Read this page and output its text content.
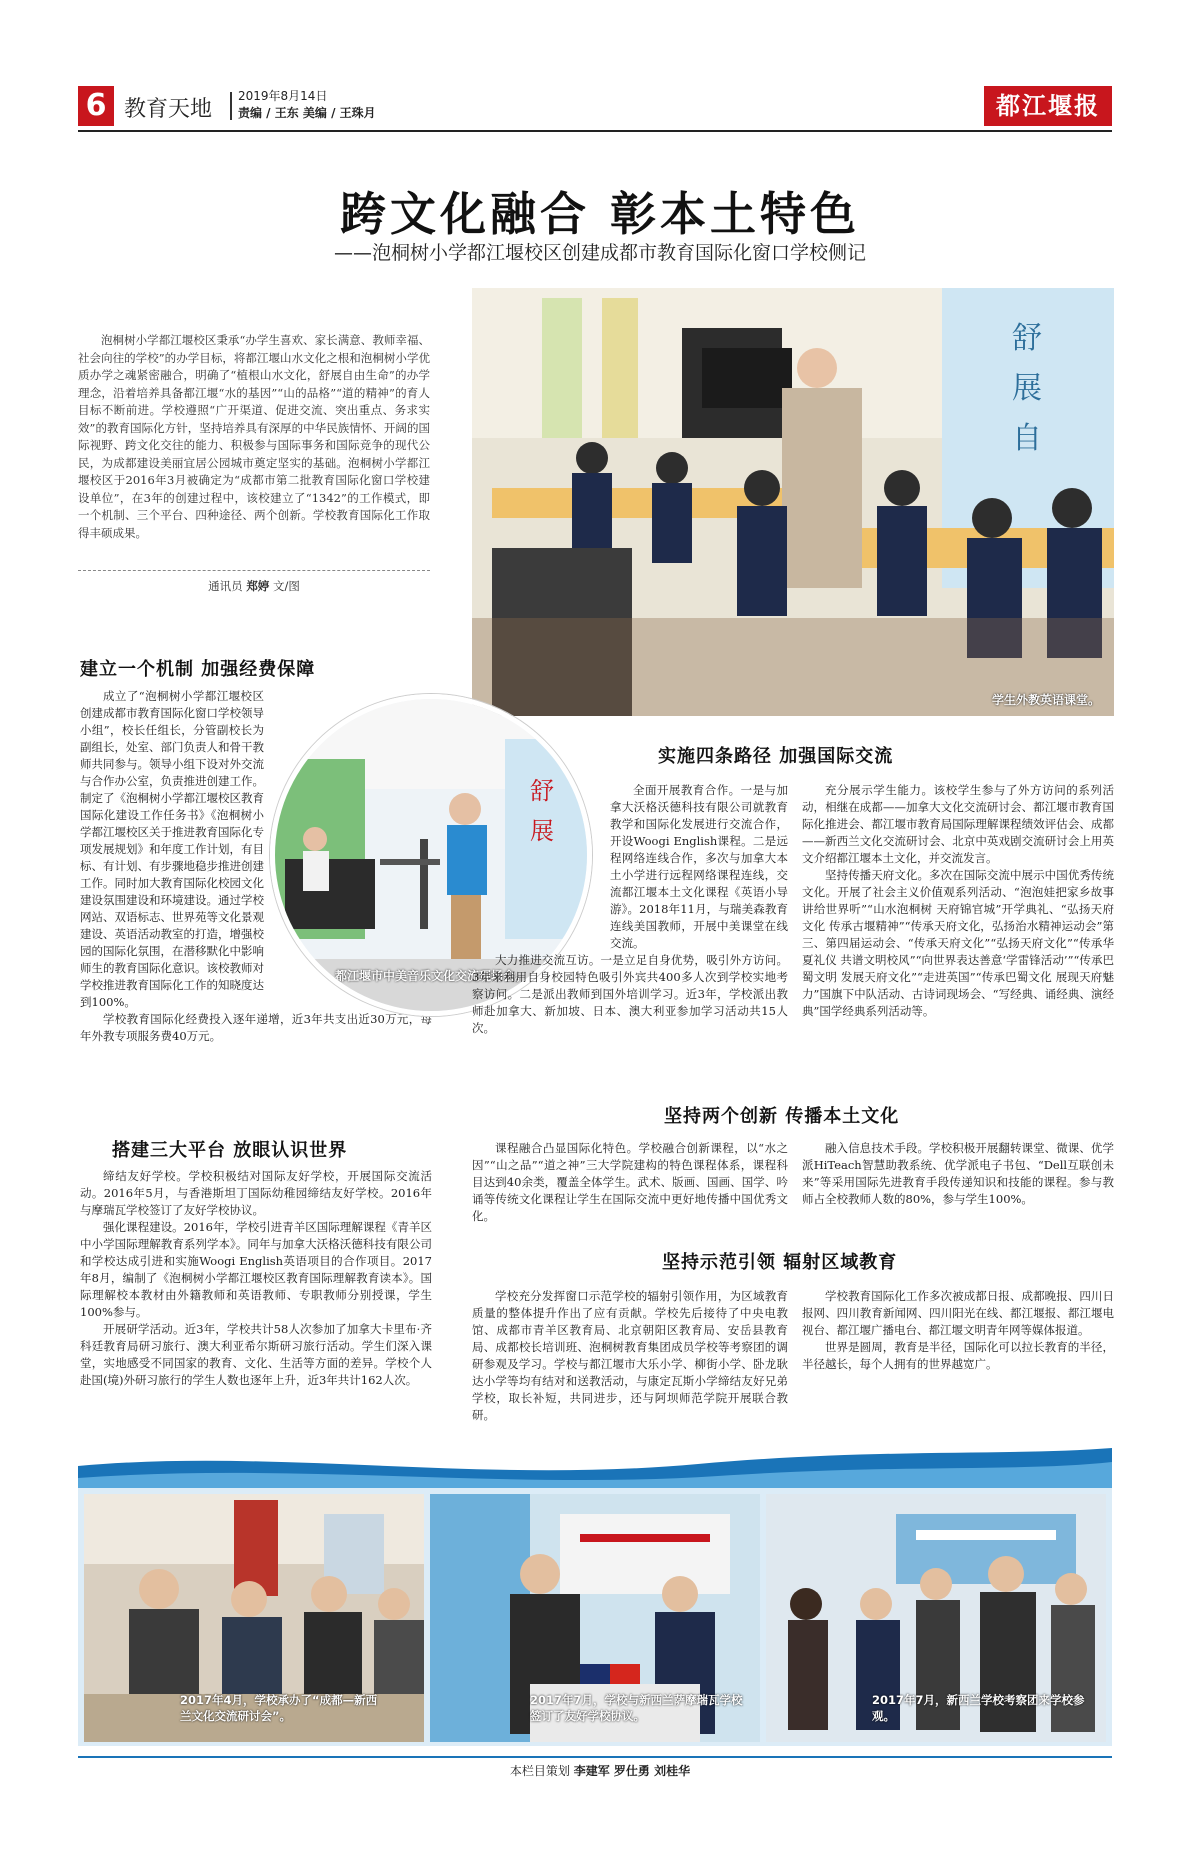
6 教育天地
2019年8月14日
责编 / 王东 美编 / 王珠月	都江堰报
跨文化融合 彰本土特色
——泡桐树小学都江堰校区创建成都市教育国际化窗口学校侧记
泡桐树小学都江堰校区秉承“办学生喜欢、家长满意、教师幸福、社会向往的学校”的办学目标，将都江堰山水文化之根和泡桐树小学优质办学之魂紧密融合，明确了“植根山水文化，舒展自由生命”的办学理念，沿着培养具备都江堰“水的基因”“山的品格”“道的精神”的育人目标不断前进。学校遵照“广开渠道、促进交流、突出重点、务求实效”的教育国际化方针，坚持培养具有深厚的中华民族情怀、开阔的国际视野、跨文化交往的能力、积极参与国际事务和国际竞争的现代公民，为成都建设美丽宜居公园城市奠定坚实的基础。泡桐树小学都江堰校区于2016年3月被确定为“成都市第二批教育国际化窗口学校建设单位”，在3年的创建过程中，该校建立了“1342”的工作模式，即一个机制、三个平台、四种途径、两个创新。学校教育国际化工作取得丰硕成果。
通讯员 郑婷 文/图
舒
展
自
学生外教英语课堂。
建立一个机制 加强经费保障

成立了“泡桐树小学都江堰校区创建成都市教育国际化窗口学校领导小组”，校长任组长，分管副校长为副组长，处室、部门负责人和骨干教师共同参与。领导小组下设对外交流与合作办公室，负责推进创建工作。制定了《泡桐树小学都江堰校区教育国际化建设工作任务书》《泡桐树小学都江堰校区关于推进教育国际化专项发展规划》和年度工作计划，有目标、有计划、有步骤地稳步推进创建工作。同时加大教育国际化校园文化建设氛围建设和环境建设。通过学校网站、双语标志、世界苑等文化景观建设、英语活动教室的打造，增强校园的国际化氛围，在潜移默化中影响师生的教育国际化意识。该校教师对学校推进教育国际化工作的知晓度达到100%。

学校教育国际化经费投入逐年递增，近3年共支出近30万元，每年外教专项服务费40万元。

舒
展
都江堰市中美音乐文化交流现场会。
实施四条路径 加强国际交流

全面开展教育合作。一是与加拿大沃格沃德科技有限公司就教育教学和国际化发展进行交流合作，开设Woogi English课程。二是远程网络连线合作，多次与加拿大本土小学进行远程网络课程连线，交流都江堰本土文化课程《英语小导游》。2018年11月，与瑞美森教育连线美国教师，开展中美课堂在线交流。

大力推进交流互访。一是立足自身优势，吸引外方访问。3年来利用自身校园特色吸引外宾共400多人次到学校实地考察访问。二是派出教师到国外培训学习。近3年，学校派出教师赴加拿大、新加坡、日本、澳大利亚参加学习活动共15人次。

充分展示学生能力。该校学生参与了外方访问的系列活动，相继在成都——加拿大文化交流研讨会、都江堰市教育国际化推进会、都江堰市教育局国际理解课程绩效评估会、成都——新西兰文化交流研讨会、北京中英戏剧交流研讨会上用英文介绍都江堰本土文化，并交流发言。

坚持传播天府文化。多次在国际交流中展示中国优秀传统文化。开展了社会主义价值观系列活动、“泡泡娃把家乡故事讲给世界听”“山水泡桐树 天府锦官城”开学典礼、“弘扬天府文化 传承古堰精神”“传承天府文化，弘扬治水精神运动会”第三、第四届运动会、“传承天府文化”“弘扬天府文化”“传承华夏礼仪 共谱文明校风”“向世界表达善意‘学雷锋活动’”“传承巴蜀文明 发展天府文化”“走进英国”“传承巴蜀文化 展现天府魅力”国旗下中队活动、古诗词现场会、“写经典、诵经典、演经典”国学经典系列活动等。

搭建三大平台 放眼认识世界

缔结友好学校。学校积极结对国际友好学校，开展国际交流活动。2016年5月，与香港斯坦丁国际幼稚园缔结友好学校。2016年与摩瑞瓦学校签订了友好学校协议。

强化课程建设。2016年，学校引进青羊区国际理解课程《青羊区中小学国际理解教育系列学本》。同年与加拿大沃格沃德科技有限公司和学校达成引进和实施Woogi English英语项目的合作项目。2017年8月，编制了《泡桐树小学都江堰校区教育国际理解教育读本》。国际理解校本教材由外籍教师和英语教师、专职教师分别授课，学生100%参与。

开展研学活动。近3年，学校共计58人次参加了加拿大卡里布·齐科廷教育局研习旅行、澳大利亚希尔斯研习旅行活动。学生们深入课堂，实地感受不同国家的教育、文化、生活等方面的差异。学校个人赴国(境)外研习旅行的学生人数也逐年上升，近3年共计162人次。

坚持两个创新 传播本土文化

课程融合凸显国际化特色。学校融合创新课程，以“水之因”“山之品”“道之神”三大学院建构的特色课程体系，课程科目达到40余类，覆盖全体学生。武术、版画、国画、国学、吟诵等传统文化课程让学生在国际交流中更好地传播中国优秀文化。

融入信息技术手段。学校积极开展翻转课堂、微课、优学派HiTeach智慧助教系统、优学派电子书包、“Dell互联创未来”等采用国际先进教育手段传递知识和技能的课程。参与教师占全校教师人数的80%，参与学生100%。

坚持示范引领 辐射区域教育

学校充分发挥窗口示范学校的辐射引领作用，为区域教育质量的整体提升作出了应有贡献。学校先后接待了中央电教馆、成都市青羊区教育局、北京朝阳区教育局、安岳县教育局、成都校长培训班、泡桐树教育集团成员学校等考察团的调研参观及学习。学校与都江堰市大乐小学、柳街小学、卧龙耿达小学等均有结对和送教活动，与康定瓦斯小学缔结友好兄弟学校，取长补短，共同进步，还与阿坝师范学院开展联合教研。

学校教育国际化工作多次被成都日报、成都晚报、四川日报网、四川教育新闻网、四川阳光在线、都江堰报、都江堰电视台、都江堰广播电台、都江堰文明青年网等媒体报道。

世界是圆周，教育是半径，国际化可以拉长教育的半径，半径越长，每个人拥有的世界越宽广。

2017年4月，学校承办了“成都—新西兰文化交流研讨会”。
2017年7月，学校与新西兰萨摩瑞瓦学校签订了友好学校协议。
2017年7月，新西兰学校考察团来学校参观。
本栏目策划 李建军 罗仕勇 刘桂华
